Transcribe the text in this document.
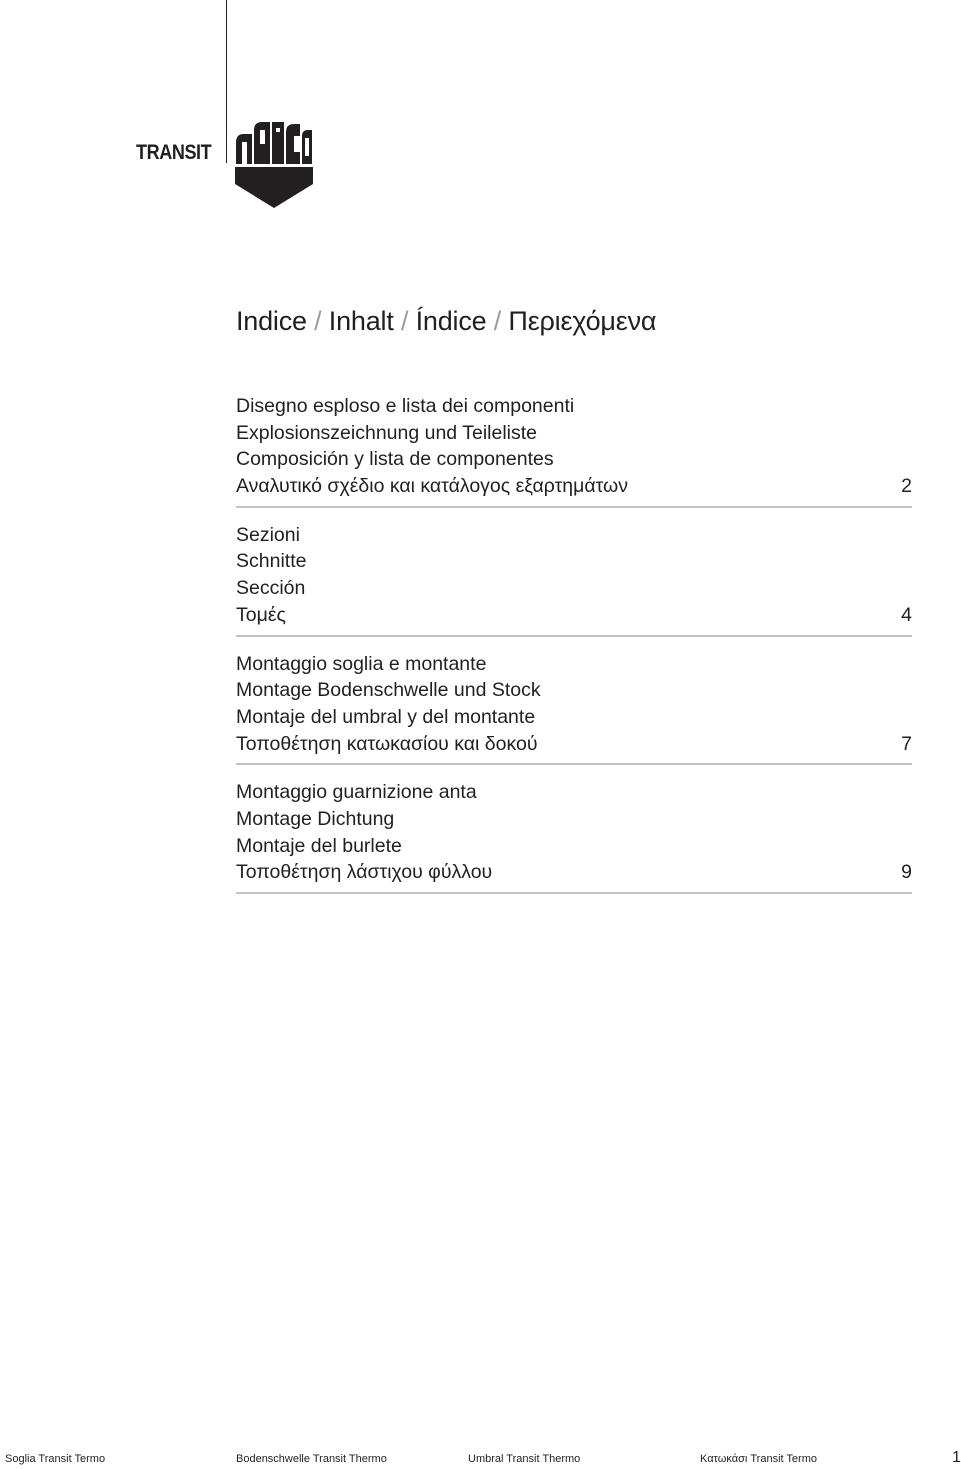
TRANSIT
Indice / Inhalt / Índice / Περιεχόμενα
Disegno esploso e lista dei componenti
Explosionszeichnung und Teileliste
Composición y lista de componentes
Αναλυτικό σχέδιο και κατάλογος εξαρτημάτων	2
Sezioni
Schnitte
Sección
Τομές	4
Montaggio soglia e montante
Montage Bodenschwelle und Stock
Montaje del umbral y del montante
Τοποθέτηση κατωκασίου και δοκού	7
Montaggio guarnizione anta
Montage Dichtung
Montaje del burlete
Τοποθέτηση λάστιχου φύλλου	9
Soglia Transit Termo	Bodenschwelle Transit Thermo	Umbral Transit Thermo	Κατωκάσι Transit Termo	1
